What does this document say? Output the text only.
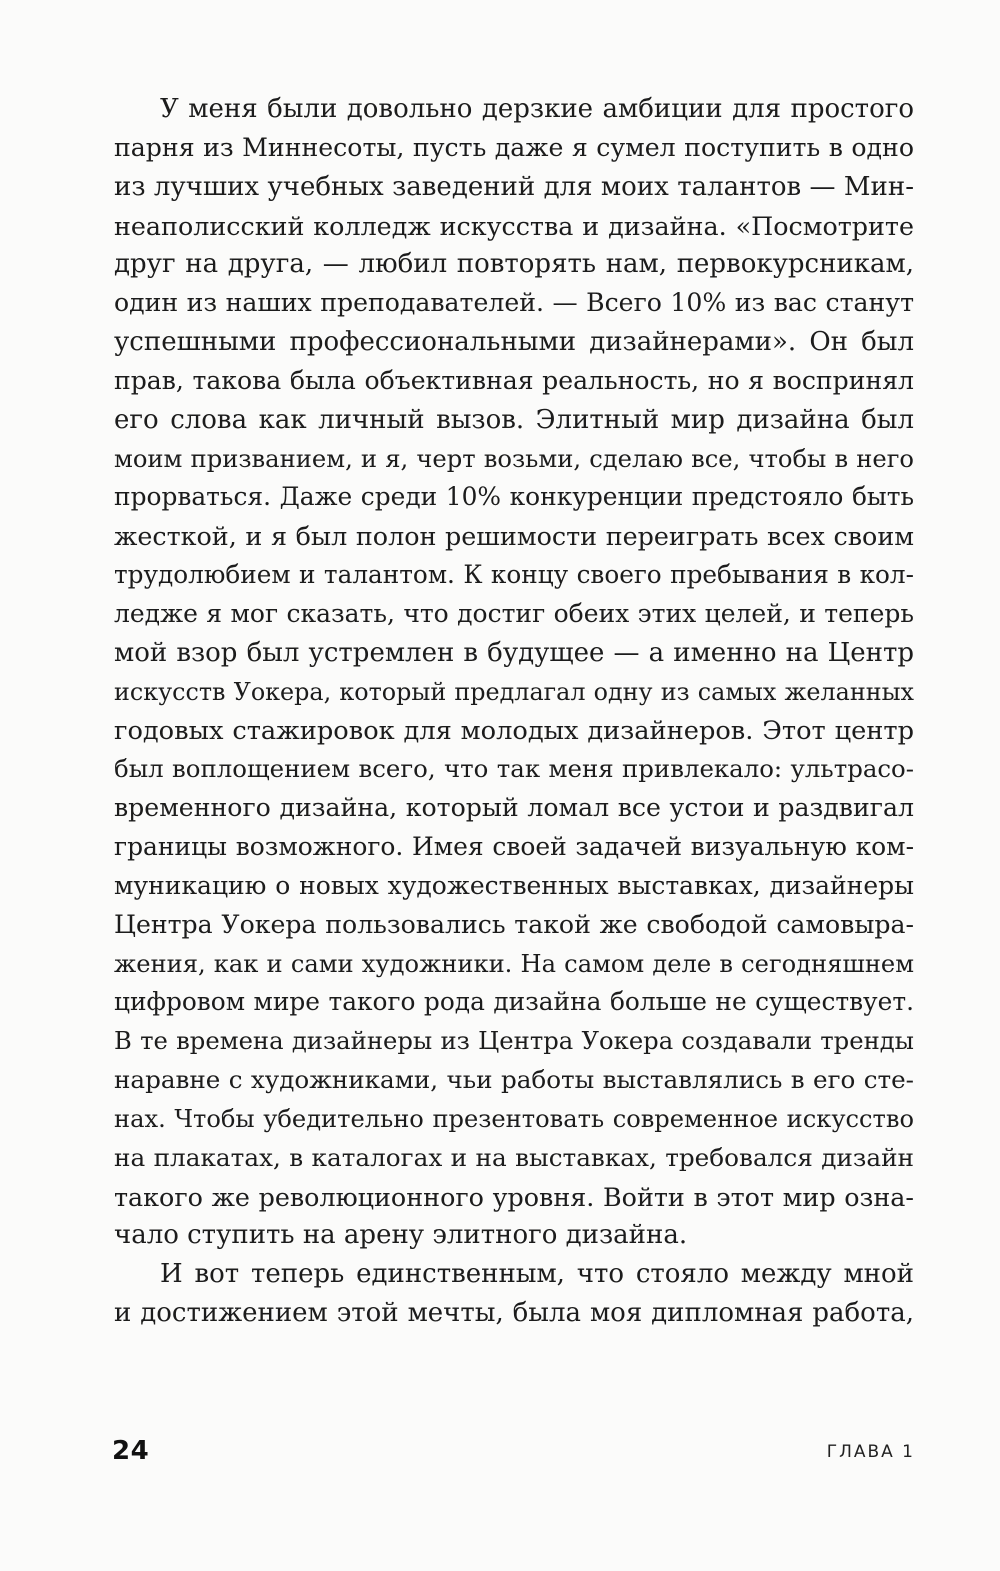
У меня были довольно дерзкие амбиции для простого
парня из Миннесоты, пусть даже я сумел поступить в одно
из лучших учебных заведений для моих талантов — Мин-
неаполисский колледж искусства и дизайна. «Посмотрите
друг на друга, — любил повторять нам, первокурсникам,
один из наших преподавателей. — Всего 10% из вас станут
успешными профессиональными дизайнерами». Он был
прав, такова была объективная реальность, но я воспринял
его слова как личный вызов. Элитный мир дизайна был
моим призванием, и я, черт возьми, сделаю все, чтобы в него
прорваться. Даже среди 10% конкуренции предстояло быть
жесткой, и я был полон решимости переиграть всех своим
трудолюбием и талантом. К концу своего пребывания в кол-
ледже я мог сказать, что достиг обеих этих целей, и теперь
мой взор был устремлен в будущее — а именно на Центр
искусств Уокера, который предлагал одну из самых желанных
годовых стажировок для молодых дизайнеров. Этот центр
был воплощением всего, что так меня привлекало: ультрасо-
временного дизайна, который ломал все устои и раздвигал
границы возможного. Имея своей задачей визуальную ком-
муникацию о новых художественных выставках, дизайнеры
Центра Уокера пользовались такой же свободой самовыра-
жения, как и сами художники. На самом деле в сегодняшнем
цифровом мире такого рода дизайна больше не существует.
В те времена дизайнеры из Центра Уокера создавали тренды
наравне с художниками, чьи работы выставлялись в его сте-
нах. Чтобы убедительно презентовать современное искусство
на плакатах, в каталогах и на выставках, требовался дизайн
такого же революционного уровня. Войти в этот мир озна-
чало ступить на арену элитного дизайна.
И вот теперь единственным, что стояло между мной
и достижением этой мечты, была моя дипломная работа,
24	ГЛАВА 1
